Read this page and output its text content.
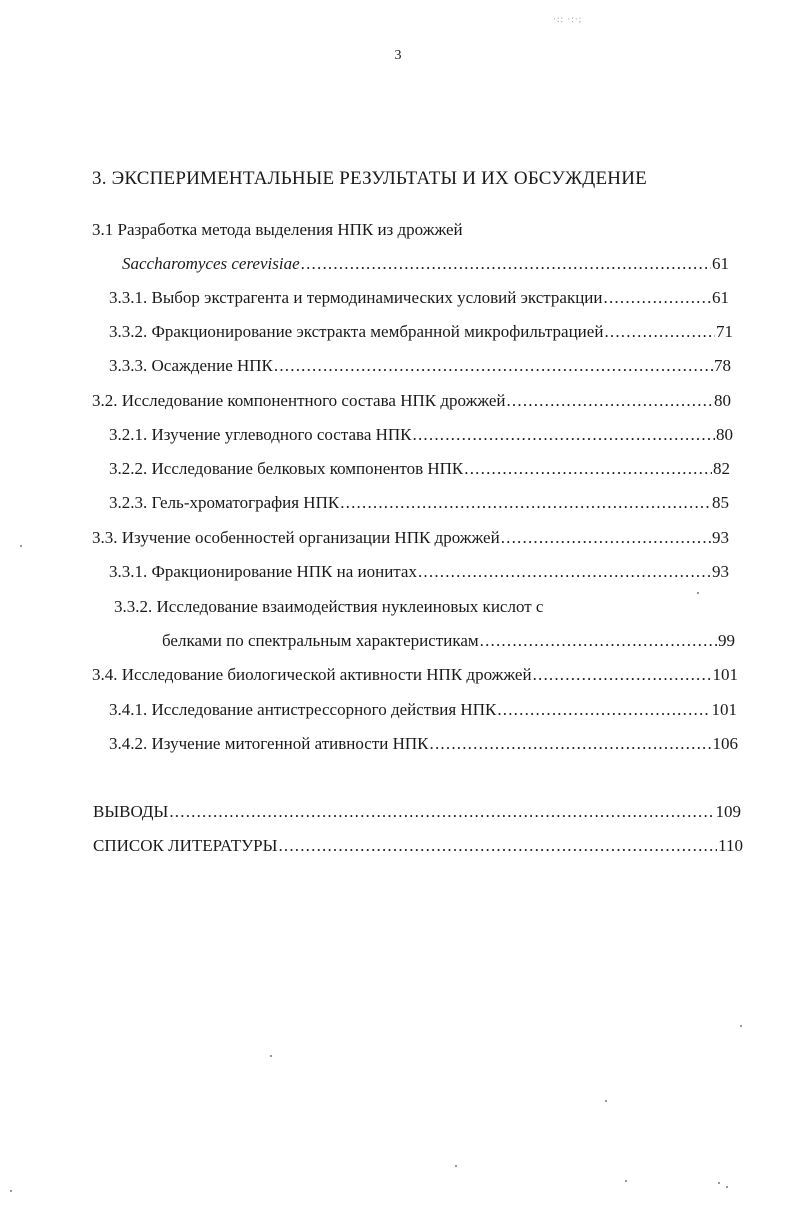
·:: ·:·;
3
3. ЭКСПЕРИМЕНТАЛЬНЫЕ РЕЗУЛЬТАТЫ И ИХ ОБСУЖДЕНИЕ
3.1 Разработка метода выделения НПК из дрожжей
Saccharomyces cerevisiae .....	61
3.3.1. Выбор экстрагента и термодинамических условий экстракции .....	61
3.3.2. Фракционирование экстракта мембранной микрофильтрацией .....	71
3.3.3. Осаждение НПК .....	78
3.2. Исследование компонентного состава НПК дрожжей .....	80
3.2.1. Изучение углеводного состава НПК .....	80
3.2.2. Исследование белковых компонентов НПК .....	82
3.2.3. Гель-хроматография НПК .....	85
3.3. Изучение особенностей организации НПК дрожжей .....	93
3.3.1. Фракционирование НПК на ионитах .....	93
3.3.2. Исследование взаимодействия нуклеиновых кислот с
белками по спектральным характеристикам .....	99
3.4. Исследование биологической активности НПК дрожжей .....	101
3.4.1. Исследование антистрессорного действия НПК .....	101
3.4.2. Изучение митогенной ативности НПК .....	106
ВЫВОДЫ .....	109
СПИСОК ЛИТЕРАТУРЫ .....	110
